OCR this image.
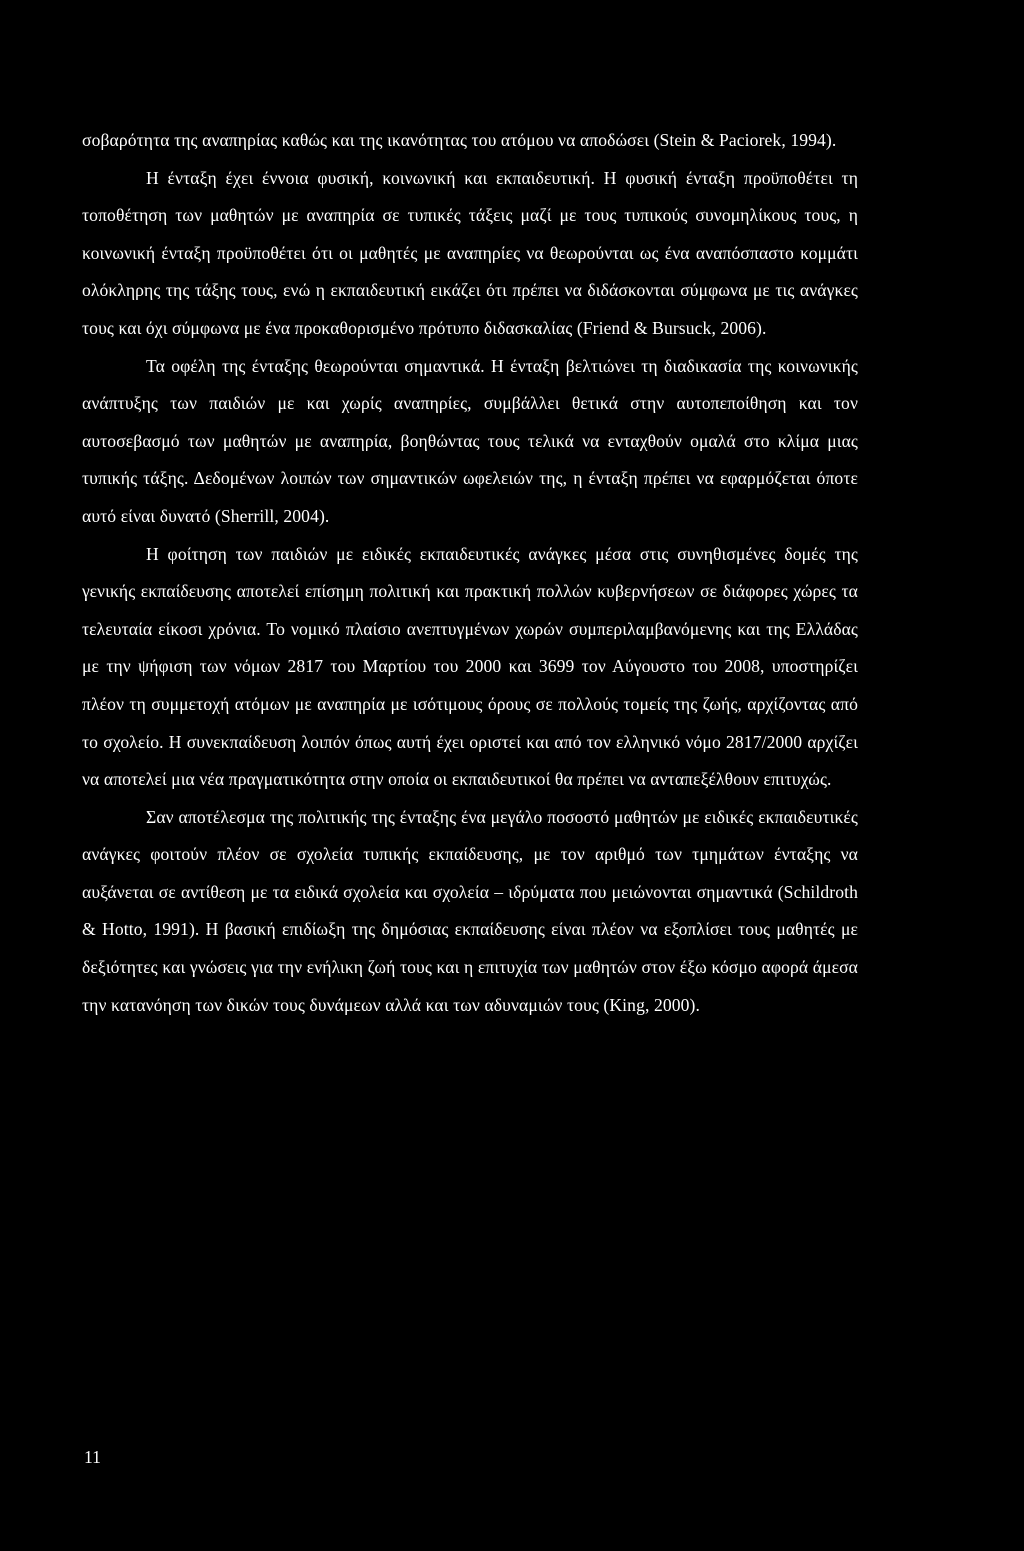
σοβαρότητα της αναπηρίας καθώς και της ικανότητας του ατόμου να αποδώσει (Stein & Paciorek, 1994).

Η ένταξη έχει έννοια φυσική, κοινωνική και εκπαιδευτική. Η φυσική ένταξη προϋποθέτει τη τοποθέτηση των μαθητών με αναπηρία σε τυπικές τάξεις μαζί με τους τυπικούς συνομηλίκους τους, η κοινωνική ένταξη προϋποθέτει ότι οι μαθητές με αναπηρίες να θεωρούνται ως ένα αναπόσπαστο κομμάτι ολόκληρης της τάξης τους, ενώ η εκπαιδευτική εικάζει ότι πρέπει να διδάσκονται σύμφωνα με τις ανάγκες τους και όχι σύμφωνα με ένα προκαθορισμένο πρότυπο διδασκαλίας (Friend & Bursuck, 2006).

Τα οφέλη της ένταξης θεωρούνται σημαντικά. Η ένταξη βελτιώνει τη διαδικασία της κοινωνικής ανάπτυξης των παιδιών με και χωρίς αναπηρίες, συμβάλλει θετικά στην αυτοπεποίθηση και τον αυτοσεβασμό των μαθητών με αναπηρία, βοηθώντας τους τελικά να ενταχθούν ομαλά στο κλίμα μιας τυπικής τάξης. Δεδομένων λοιπών των σημαντικών ωφελειών της, η ένταξη πρέπει να εφαρμόζεται όποτε αυτό είναι δυνατό (Sherrill, 2004).

Η φοίτηση των παιδιών με ειδικές εκπαιδευτικές ανάγκες μέσα στις συνηθισμένες δομές της γενικής εκπαίδευσης αποτελεί επίσημη πολιτική και πρακτική πολλών κυβερνήσεων σε διάφορες χώρες τα τελευταία είκοσι χρόνια. Το νομικό πλαίσιο ανεπτυγμένων χωρών συμπεριλαμβανόμενης και της Ελλάδας με την ψήφιση των νόμων 2817 του Μαρτίου του 2000 και 3699 τον Αύγουστο του 2008, υποστηρίζει πλέον τη συμμετοχή ατόμων με αναπηρία με ισότιμους όρους σε πολλούς τομείς της ζωής, αρχίζοντας από το σχολείο. Η συνεκπαίδευση λοιπόν όπως αυτή έχει οριστεί και από τον ελληνικό νόμο 2817/2000 αρχίζει να αποτελεί μια νέα πραγματικότητα στην οποία οι εκπαιδευτικοί θα πρέπει να ανταπεξέλθουν επιτυχώς.

Σαν αποτέλεσμα της πολιτικής της ένταξης ένα μεγάλο ποσοστό μαθητών με ειδικές εκπαιδευτικές ανάγκες φοιτούν πλέον σε σχολεία τυπικής εκπαίδευσης, με τον αριθμό των τμημάτων ένταξης να αυξάνεται σε αντίθεση με τα ειδικά σχολεία και σχολεία – ιδρύματα που μειώνονται σημαντικά (Schildroth & Hotto, 1991). Η βασική επιδίωξη της δημόσιας εκπαίδευσης είναι πλέον να εξοπλίσει τους μαθητές με δεξιότητες και γνώσεις για την ενήλικη ζωή τους και η επιτυχία των μαθητών στον έξω κόσμο αφορά άμεσα την κατανόηση των δικών τους δυνάμεων αλλά και των αδυναμιών τους (King, 2000).

11
